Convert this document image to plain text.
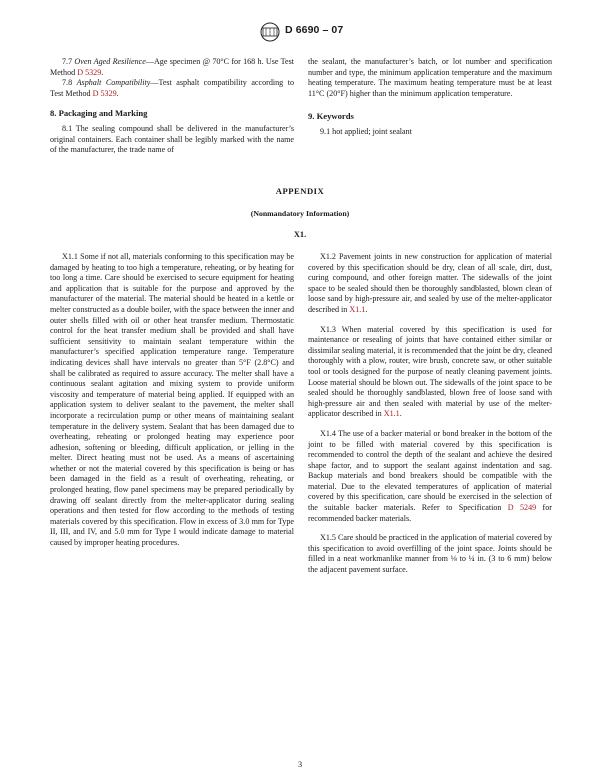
D 6690 – 07

7.7 Oven Aged Resilience—Age specimen @ 70°C for 168 h. Use Test Method D 5329.

7.8 Asphalt Compatibility—Test asphalt compatibility according to Test Method D 5329.

8. Packaging and Marking

8.1 The sealing compound shall be delivered in the manufacturer’s original containers. Each container shall be legibly marked with the name of the manufacturer, the trade name of

the sealant, the manufacturer’s batch, or lot number and specification number and type, the minimum application temperature and the maximum heating temperature. The maximum heating temperature must be at least 11°C (20°F) higher than the minimum application temperature.

9. Keywords

9.1 hot applied; joint sealant

APPENDIX
(Nonmandatory Information)
X1.

X1.1 Some if not all, materials conforming to this specification may be damaged by heating to too high a temperature, reheating, or by heating for too long a time. Care should be exercised to secure equipment for heating and application that is suitable for the purpose and approved by the manufacturer of the material. The material should be heated in a kettle or melter constructed as a double boiler, with the space between the inner and outer shells filled with oil or other heat transfer medium. Thermostatic control for the heat transfer medium shall be provided and shall have sufficient sensitivity to maintain sealant temperature within the manufacturer’s specified application temperature range. Temperature indicating devices shall have intervals no greater than 5°F (2.8°C) and shall be calibrated as required to assure accuracy. The melter shall have a continuous sealant agitation and mixing system to provide uniform viscosity and temperature of material being applied. If equipped with an application system to deliver sealant to the pavement, the melter shall incorporate a recirculation pump or other means of maintaining sealant temperature in the delivery system. Sealant that has been damaged due to overheating, reheating or prolonged heating may experience poor adhesion, softening or bleeding, difficult application, or jelling in the melter. Direct heating must not be used. As a means of ascertaining whether or not the material covered by this specification is being or has been damaged in the field as a result of overheating, reheating, or prolonged heating, flow panel specimens may be prepared periodically by drawing off sealant directly from the melter-applicator during sealing operations and then tested for flow according to the methods of testing materials covered by this specification. Flow in excess of 3.0 mm for Type II, III, and IV, and 5.0 mm for Type I would indicate damage to material caused by improper heating procedures.

X1.2 Pavement joints in new construction for application of material covered by this specification should be dry, clean of all scale, dirt, dust, curing compound, and other foreign matter. The sidewalls of the joint space to be sealed should then be thoroughly sandblasted, blown clean of loose sand by high-pressure air, and sealed by use of the melter-applicator described in X1.1.

X1.3 When material covered by this specification is used for maintenance or resealing of joints that have contained either similar or dissimilar sealing material, it is recommended that the joint be dry, cleaned thoroughly with a plow, router, wire brush, concrete saw, or other suitable tool or tools designed for the purpose of neatly cleaning pavement joints. Loose material should be blown out. The sidewalls of the joint space to be sealed should be thoroughly sandblasted, blown free of loose sand with high-pressure air and then sealed with material by use of the melter-applicator described in X1.1.

X1.4 The use of a backer material or bond breaker in the bottom of the joint to be filled with material covered by this specification is recommended to control the depth of the sealant and achieve the desired shape factor, and to support the sealant against indentation and sag. Backup materials and bond breakers should be compatible with the material. Due to the elevated temperatures of application of material covered by this specification, care should be exercised in the selection of the suitable backer materials. Refer to Specification D 5249 for recommended backer materials.

X1.5 Care should be practiced in the application of material covered by this specification to avoid overfilling of the joint space. Joints should be filled in a neat workmanlike manner from ⅛ to ¼ in. (3 to 6 mm) below the adjacent pavement surface.

3
